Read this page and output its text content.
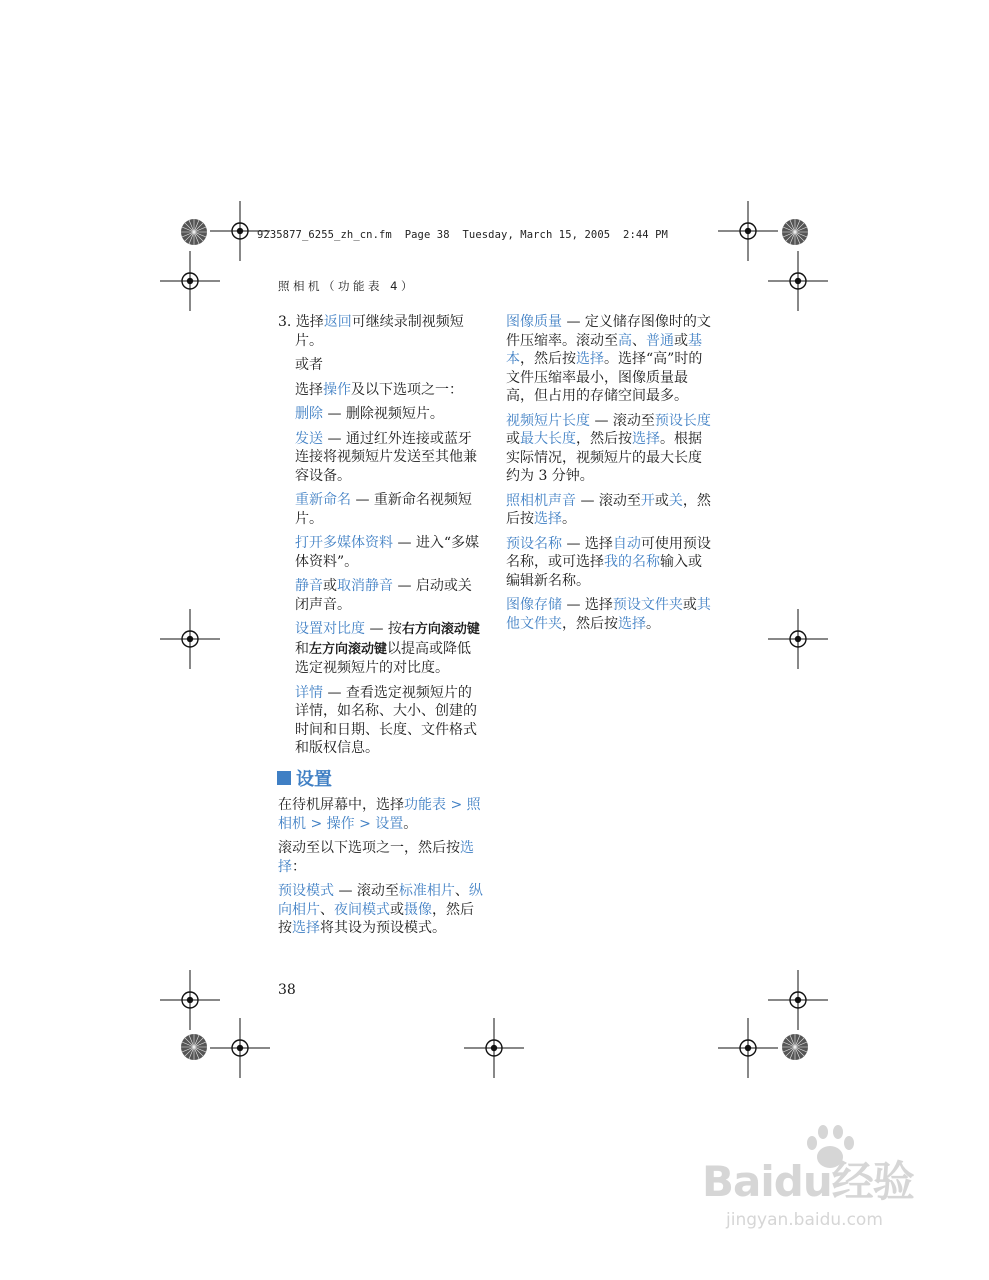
9235877_6255_zh_cn.fm  Page 38  Tuesday, March 15, 2005  2:44 PM
照相机（功能表 4）

3. 选择返回可继续录制视频短片。

或者

选择操作及以下选项之一：

删除 — 删除视频短片。

发送 — 通过红外连接或蓝牙连接将视频短片发送至其他兼容设备。

重新命名 — 重新命名视频短片。

打开多媒体资料 — 进入“多媒体资料”。

静音或取消静音 — 启动或关闭声音。

设置对比度 — 按右方向滚动键和左方向滚动键以提高或降低选定视频短片的对比度。

详情 — 查看选定视频短片的详情，如名称、大小、创建的时间和日期、长度、文件格式和版权信息。

设置

在待机屏幕中，选择功能表 > 照相机 > 操作 > 设置。

滚动至以下选项之一，然后按选择：

预设模式 — 滚动至标准相片、纵向相片、夜间模式或摄像，然后按选择将其设为预设模式。

图像质量 — 定义储存图像时的文件压缩率。滚动至高、普通或基本，然后按选择。选择“高”时的文件压缩率最小，图像质量最高，但占用的存储空间最多。

视频短片长度 — 滚动至预设长度或最大长度，然后按选择。根据实际情况，视频短片的最大长度约为 3 分钟。

照相机声音 — 滚动至开或关，然后按选择。

预设名称 — 选择自动可使用预设名称，或可选择我的名称输入或编辑新名称。

图像存储 — 选择预设文件夹或其他文件夹，然后按选择。

38
Baidu经验
jingyan.baidu.com
